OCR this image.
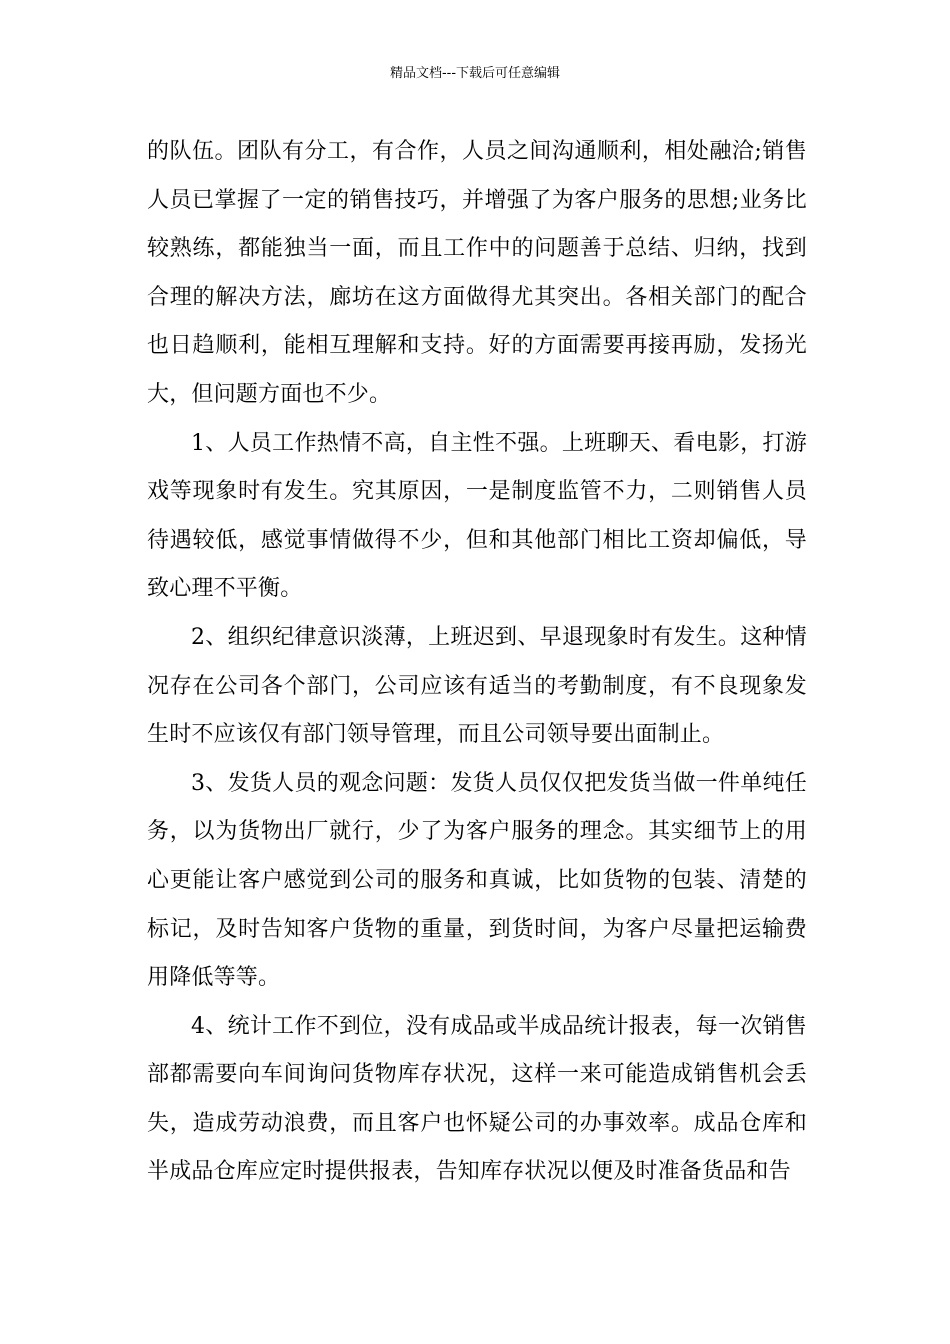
精品文档---下载后可任意编辑

的队伍。团队有分工，有合作，人员之间沟通顺利，相处融洽;销售人员已掌握了一定的销售技巧，并增强了为客户服务的思想;业务比较熟练，都能独当一面，而且工作中的问题善于总结、归纳，找到合理的解决方法，廊坊在这方面做得尤其突出。各相关部门的配合也日趋顺利，能相互理解和支持。好的方面需要再接再励，发扬光大，但问题方面也不少。

1、人员工作热情不高，自主性不强。上班聊天、看电影，打游戏等现象时有发生。究其原因，一是制度监管不力，二则销售人员待遇较低，感觉事情做得不少，但和其他部门相比工资却偏低，导致心理不平衡。

2、组织纪律意识淡薄，上班迟到、早退现象时有发生。这种情况存在公司各个部门，公司应该有适当的考勤制度，有不良现象发生时不应该仅有部门领导管理，而且公司领导要出面制止。

3、发货人员的观念问题：发货人员仅仅把发货当做一件单纯任务，以为货物出厂就行，少了为客户服务的理念。其实细节上的用心更能让客户感觉到公司的服务和真诚，比如货物的包装、清楚的标记，及时告知客户货物的重量，到货时间，为客户尽量把运输费用降低等等。

4、统计工作不到位，没有成品或半成品统计报表，每一次销售部都需要向车间询问货物库存状况，这样一来可能造成销售机会丢失，造成劳动浪费，而且客户也怀疑公司的办事效率。成品仓库和半成品仓库应定时提供报表，告知库存状况以便及时准备货品和告
